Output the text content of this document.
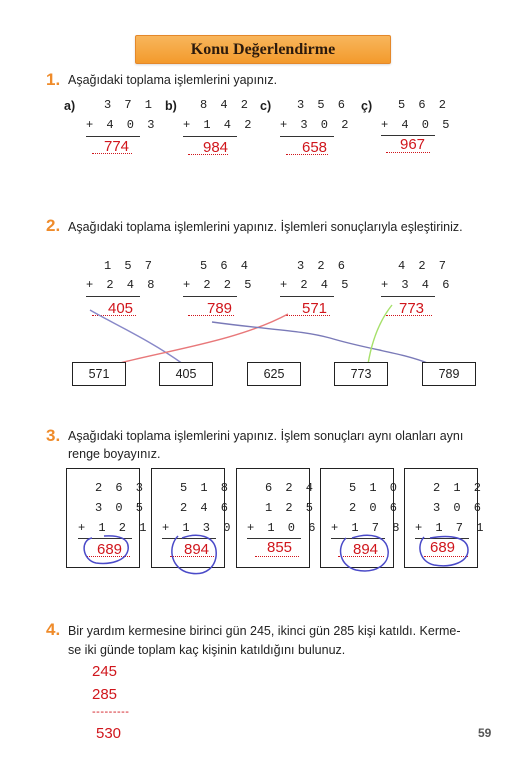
Konu Değerlendirme
1. Aşağıdaki toplama işlemlerini yapınız.
a) 3 7 1
+ 4 0 3
774
b) 8 4 2
+ 1 4 2
984
c) 3 5 6
+ 3 0 2
658
ç) 5 6 2
+ 4 0 5
967
2. Aşağıdaki toplama işlemlerini yapınız. İşlemleri sonuçlarıyla eşleştiriniz.
1 5 7
+ 2 4 8
405
5 6 4
+ 2 2 5
789
3 2 6
+ 2 4 5
571
4 2 7
+ 3 4 6
773
571	405	625	773	789
3. Aşağıdaki toplama işlemlerini yapınız. İşlem sonuçları aynı olanları aynı
renge boyayınız.
2 6 3
3 0 5
+ 1 2 1
689
5 1 8
2 4 6
+ 1 3 0
894
6 2 4
1 2 5
+ 1 0 6
855
5 1 0
2 0 6
+ 1 7 8
894
2 1 2
3 0 6
+ 1 7 1
689
4. Bir yardım kermesine birinci gün 245, ikinci gün 285 kişi katıldı. Kerme-
se iki günde toplam kaç kişinin katıldığını bulunuz.
245
285
---------
530	59
